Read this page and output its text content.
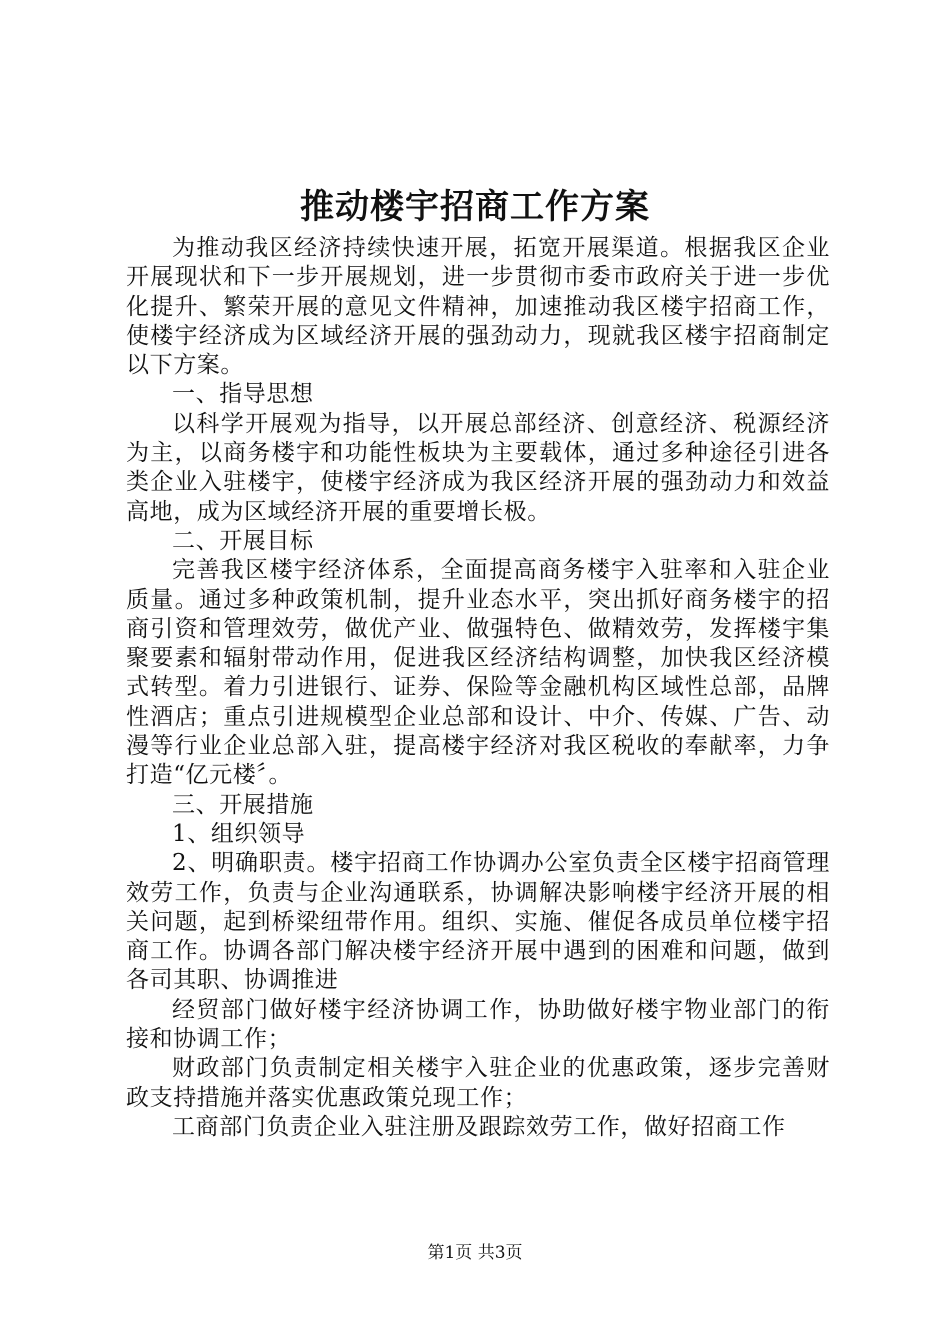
推动楼宇招商工作方案

为推动我区经济持续快速开展，拓宽开展渠道。根据我区企业开展现状和下一步开展规划，进一步贯彻市委市政府关于进一步优化提升、繁荣开展的意见文件精神，加速推动我区楼宇招商工作，使楼宇经济成为区域经济开展的强劲动力，现就我区楼宇招商制定以下方案。

一、指导思想

以科学开展观为指导，以开展总部经济、创意经济、税源经济为主，以商务楼宇和功能性板块为主要载体，通过多种途径引进各类企业入驻楼宇，使楼宇经济成为我区经济开展的强劲动力和效益高地，成为区域经济开展的重要增长极。

二、开展目标

完善我区楼宇经济体系，全面提高商务楼宇入驻率和入驻企业质量。通过多种政策机制，提升业态水平，突出抓好商务楼宇的招商引资和管理效劳，做优产业、做强特色、做精效劳，发挥楼宇集聚要素和辐射带动作用，促进我区经济结构调整，加快我区经济模式转型。着力引进银行、证券、保险等金融机构区域性总部，品牌性酒店；重点引进规模型企业总部和设计、中介、传媒、广告、动漫等行业企业总部入驻，提高楼宇经济对我区税收的奉献率，力争打造“亿元楼〞。

三、开展措施

1、组织领导

2、明确职责。楼宇招商工作协调办公室负责全区楼宇招商管理效劳工作，负责与企业沟通联系，协调解决影响楼宇经济开展的相关问题，起到桥梁纽带作用。组织、实施、催促各成员单位楼宇招商工作。协调各部门解决楼宇经济开展中遇到的困难和问题，做到各司其职、协调推进

经贸部门做好楼宇经济协调工作，协助做好楼宇物业部门的衔接和协调工作；

财政部门负责制定相关楼宇入驻企业的优惠政策，逐步完善财政支持措施并落实优惠政策兑现工作；

工商部门负责企业入驻注册及跟踪效劳工作，做好招商工作

第1页 共3页
